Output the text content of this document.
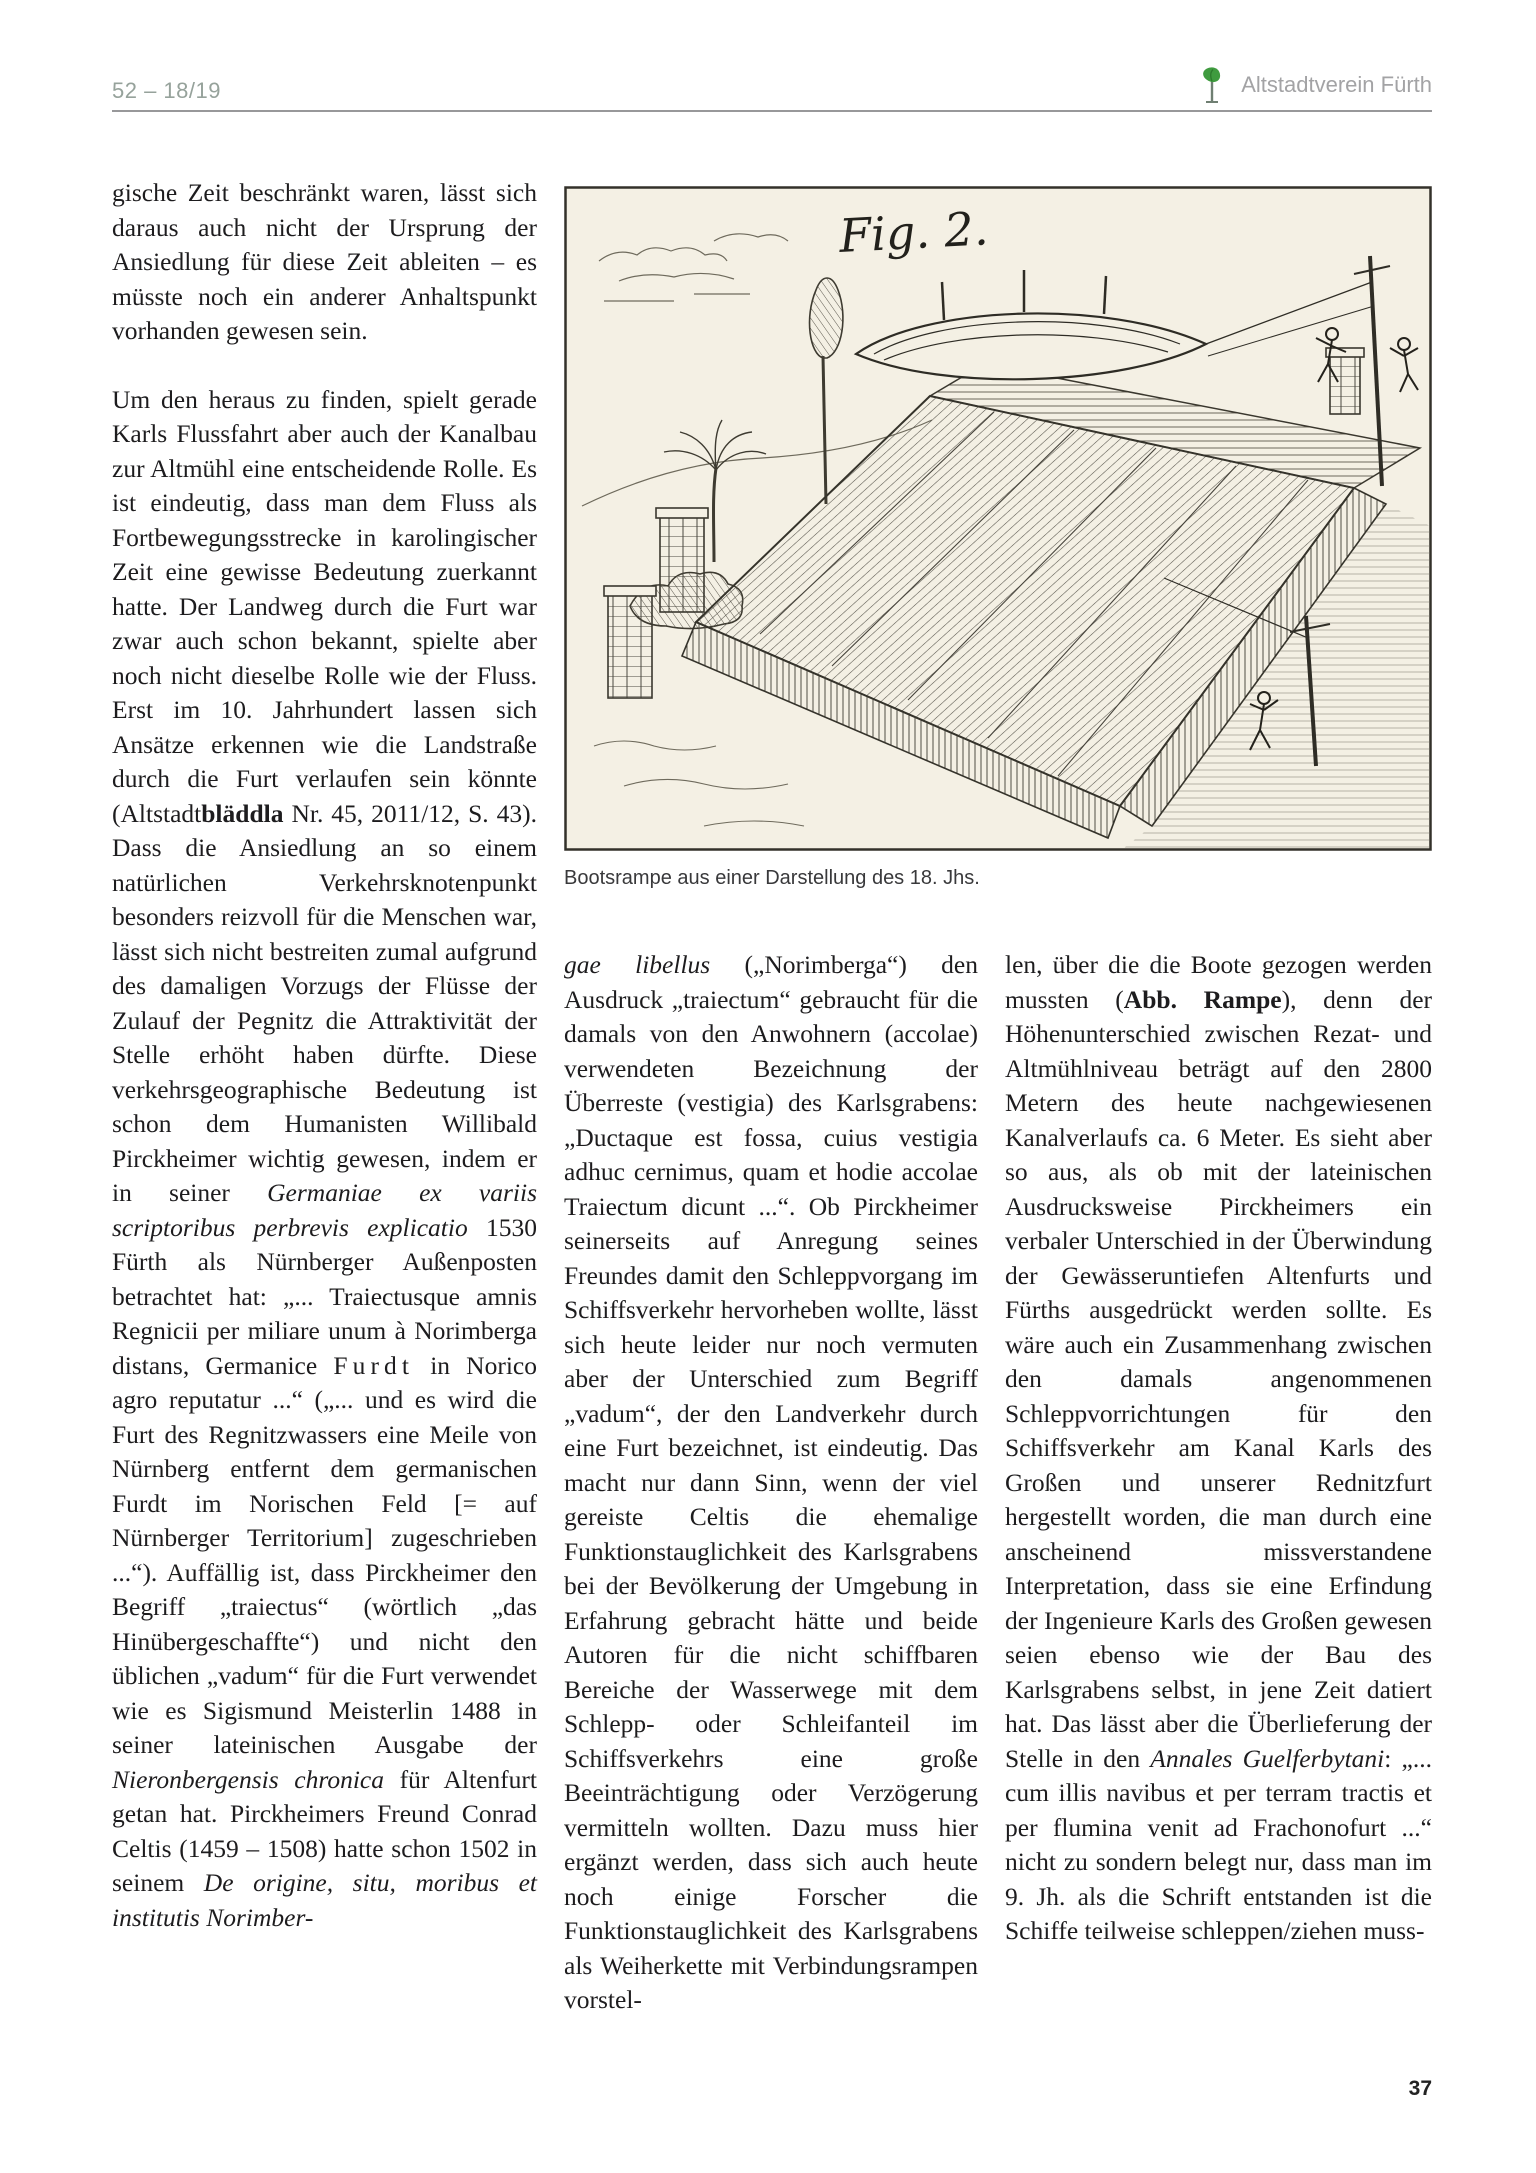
52 – 18/19	Altstadtverein Fürth

gische Zeit beschränkt waren, lässt sich daraus auch nicht der Ursprung der Ansiedlung für diese Zeit ableiten – es müsste noch ein anderer Anhaltspunkt vorhanden gewesen sein.

Um den heraus zu finden, spielt gerade Karls Flussfahrt aber auch der Kanalbau zur Altmühl eine entscheidende Rolle. Es ist eindeutig, dass man dem Fluss als Fortbewegungsstrecke in karolingischer Zeit eine gewisse Bedeutung zuerkannt hatte. Der Landweg durch die Furt war zwar auch schon bekannt, spielte aber noch nicht dieselbe Rolle wie der Fluss. Erst im 10. Jahrhundert lassen sich Ansätze erkennen wie die Landstraße durch die Furt verlaufen sein könnte (Altstadtbläddla Nr. 45, 2011/12, S. 43). Dass die Ansiedlung an so einem natürlichen Verkehrsknotenpunkt besonders reizvoll für die Menschen war, lässt sich nicht bestreiten zumal aufgrund des damaligen Vorzugs der Flüsse der Zulauf der Pegnitz die Attraktivität der Stelle erhöht haben dürfte. Diese verkehrsgeographische Bedeutung ist schon dem Humanisten Willibald Pirckheimer wichtig gewesen, indem er in seiner Germaniae ex variis scriptoribus perbrevis explicatio 1530 Fürth als Nürnberger Außenposten betrachtet hat: „... Traiectusque amnis Regnicii per miliare unum à Norimberga distans, Germanice Furdt in Norico agro reputatur ...“ („... und es wird die Furt des Regnitzwassers eine Meile von Nürnberg entfernt dem germanischen Furdt im Norischen Feld [= auf Nürnberger Territorium] zugeschrieben ...“). Auffällig ist, dass Pirckheimer den Begriff „traiectus“ (wörtlich „das Hinübergeschaffte“) und nicht den üblichen „vadum“ für die Furt verwendet wie es Sigismund Meisterlin 1488 in seiner lateinischen Ausgabe der Nieronbergensis chronica für Altenfurt getan hat. Pirckheimers Freund Conrad Celtis (1459 – 1508) hatte schon 1502 in seinem De origine, situ, moribus et institutis Norimber-

Fig. 2.
Bootsrampe aus einer Darstellung des 18. Jhs.

gae libellus („Norimberga“) den Ausdruck „traiectum“ gebraucht für die damals von den Anwohnern (accolae) verwendeten Bezeichnung der Überreste (vestigia) des Karlsgrabens: „Ductaque est fossa, cuius vestigia adhuc cernimus, quam et hodie accolae Traiectum dicunt ...“. Ob Pirckheimer seinerseits auf Anregung seines Freundes damit den Schleppvorgang im Schiffsverkehr hervorheben wollte, lässt sich heute leider nur noch vermuten aber der Unterschied zum Begriff „vadum“, der den Landverkehr durch eine Furt bezeichnet, ist eindeutig. Das macht nur dann Sinn, wenn der viel gereiste Celtis die ehemalige Funktionstauglichkeit des Karlsgrabens bei der Bevölkerung der Umgebung in Erfahrung gebracht hätte und beide Autoren für die nicht schiffbaren Bereiche der Wasserwege mit dem Schlepp- oder Schleifanteil im Schiffsverkehrs eine große Beeinträchtigung oder Verzögerung vermitteln wollten. Dazu muss hier ergänzt werden, dass sich auch heute noch einige Forscher die Funktionstauglichkeit des Karlsgrabens als Weiherkette mit Verbindungsrampen vorstel-

len, über die die Boote gezogen werden mussten (Abb. Rampe), denn der Höhenunterschied zwischen Rezat- und Altmühlniveau beträgt auf den 2800 Metern des heute nachgewiesenen Kanalverlaufs ca. 6 Meter. Es sieht aber so aus, als ob mit der lateinischen Ausdrucksweise Pirckheimers ein verbaler Unterschied in der Überwindung der Gewässeruntiefen Altenfurts und Fürths ausgedrückt werden sollte. Es wäre auch ein Zusammenhang zwischen den damals angenommenen Schleppvorrichtungen für den Schiffsverkehr am Kanal Karls des Großen und unserer Rednitzfurt hergestellt worden, die man durch eine anscheinend missverstandene Interpretation, dass sie eine Erfindung der Ingenieure Karls des Großen gewesen seien ebenso wie der Bau des Karlsgrabens selbst, in jene Zeit datiert hat. Das lässt aber die Überlieferung der Stelle in den Annales Guelferbytani: „... cum illis navibus et per terram tractis et per flumina venit ad Frachonofurt ...“ nicht zu sondern belegt nur, dass man im 9. Jh. als die Schrift entstanden ist die Schiffe teilweise schleppen/ziehen muss-

37
